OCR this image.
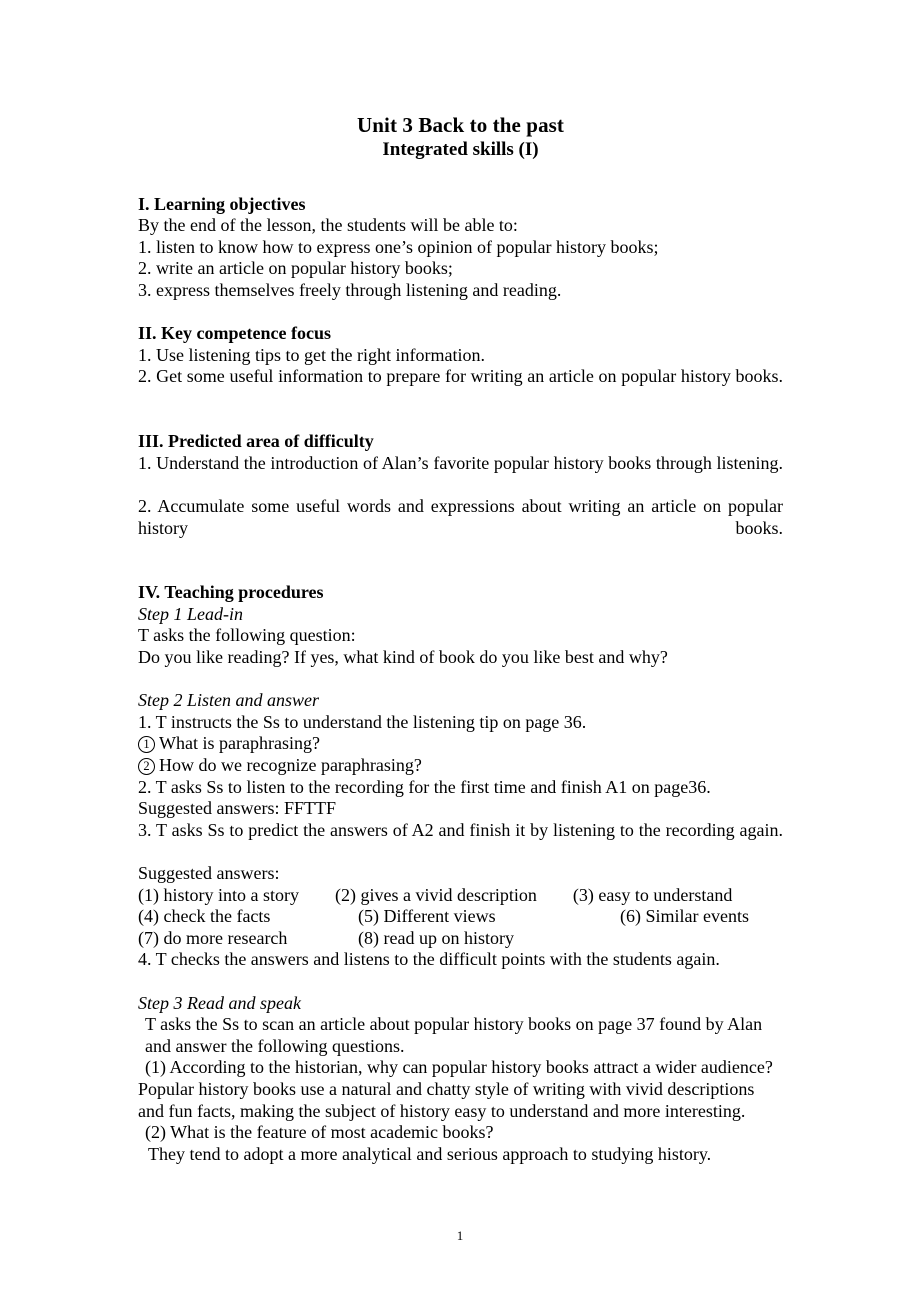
Unit 3 Back to the past
Integrated skills (I)

I. Learning objectives

By the end of the lesson, the students will be able to:

1. listen to know how to express one’s opinion of popular history books;

2. write an article on popular history books;

3. express themselves freely through listening and reading.

II. Key competence focus

1. Use listening tips to get the right information.

2. Get some useful information to prepare for writing an article on popular history books.

III. Predicted area of difficulty

1. Understand the introduction of Alan’s favorite popular history books through listening.

2. Accumulate some useful words and expressions about writing an article on popular history books.

IV. Teaching procedures

Step 1 Lead-in

T asks the following question:

Do you like reading? If yes, what kind of book do you like best and why?

Step 2 Listen and answer

1. T instructs the Ss to understand the listening tip on page 36.

1 What is paraphrasing?

2 How do we recognize paraphrasing?

2. T asks Ss to listen to the recording for the first time and finish A1 on page36.

Suggested answers: FFTTF

3. T asks Ss to predict the answers of A2 and finish it by listening to the recording again.

Suggested answers:

(1) history into a story  (2) gives a vivid description  (3) easy to understand

(4) check the facts	(5) Different views	(6) Similar events

(7) do more research	(8) read up on history

4. T checks the answers and listens to the difficult points with the students again.

Step 3 Read and speak

T asks the Ss to scan an article about popular history books on page 37 found by Alan and answer the following questions.

(1) According to the historian, why can popular history books attract a wider audience?

Popular history books use a natural and chatty style of writing with vivid descriptions and fun facts, making the subject of history easy to understand and more interesting.

(2) What is the feature of most academic books?

They tend to adopt a more analytical and serious approach to studying history.

1
